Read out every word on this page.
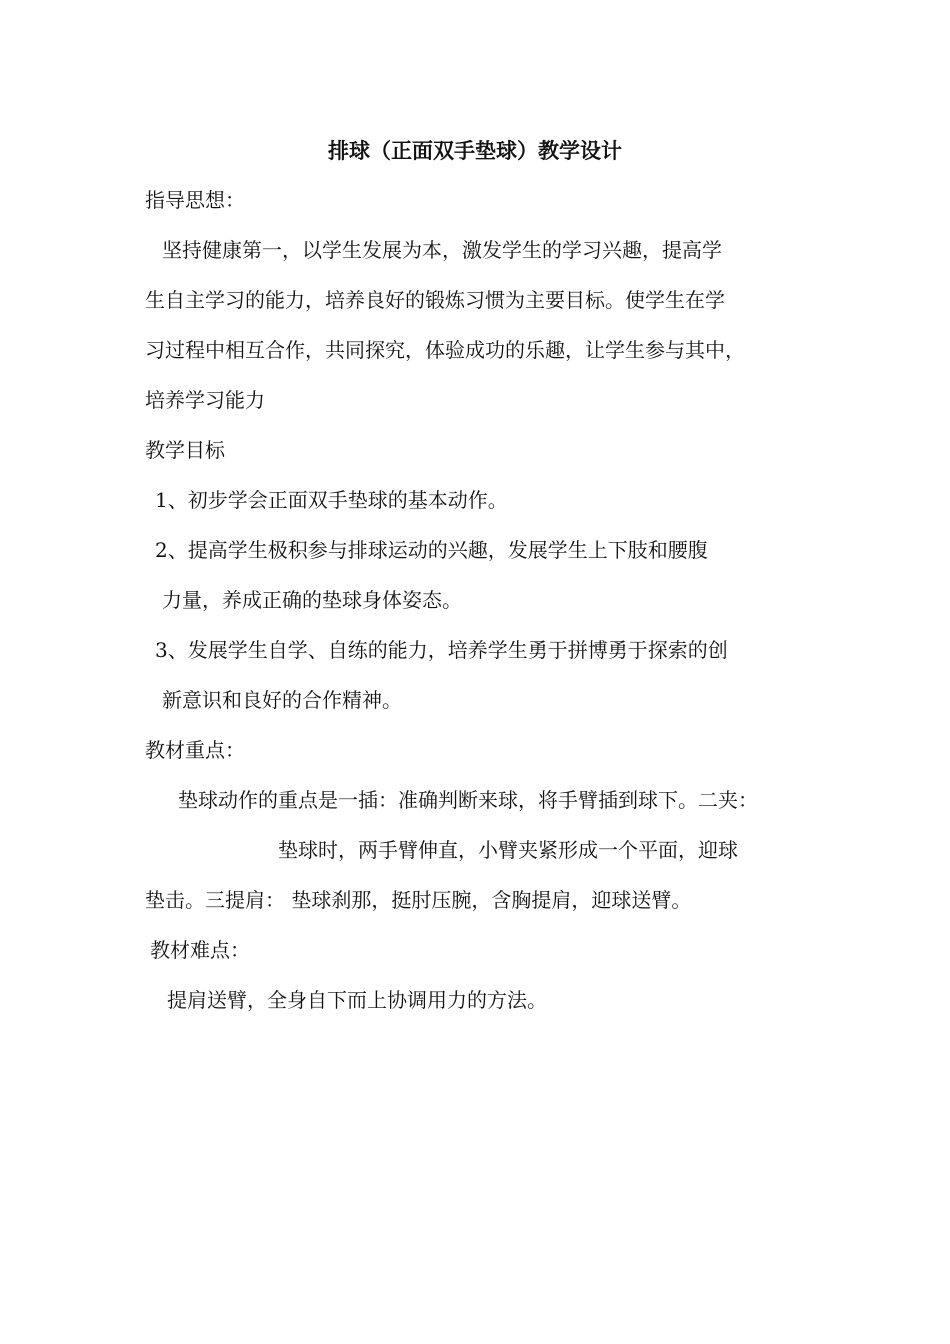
排球（正面双手垫球）教学设计
指导思想：
坚持健康第一，以学生发展为本，激发学生的学习兴趣，提高学
生自主学习的能力，培养良好的锻炼习惯为主要目标。使学生在学
习过程中相互合作，共同探究，体验成功的乐趣，让学生参与其中，
培养学习能力
教学目标
1、初步学会正面双手垫球的基本动作。
2、提高学生极积参与排球运动的兴趣，发展学生上下肢和腰腹
力量，养成正确的垫球身体姿态。
3、发展学生自学、自练的能力，培养学生勇于拼博勇于探索的创
新意识和良好的合作精神。
教材重点：
垫球动作的重点是一插：准确判断来球，将手臂插到球下。二夹：
垫球时，两手臂伸直，小臂夹紧形成一个平面，迎球
垫击。三提肩： 垫球刹那，挺肘压腕，含胸提肩，迎球送臂。
教材难点：
提肩送臂，全身自下而上协调用力的方法。
